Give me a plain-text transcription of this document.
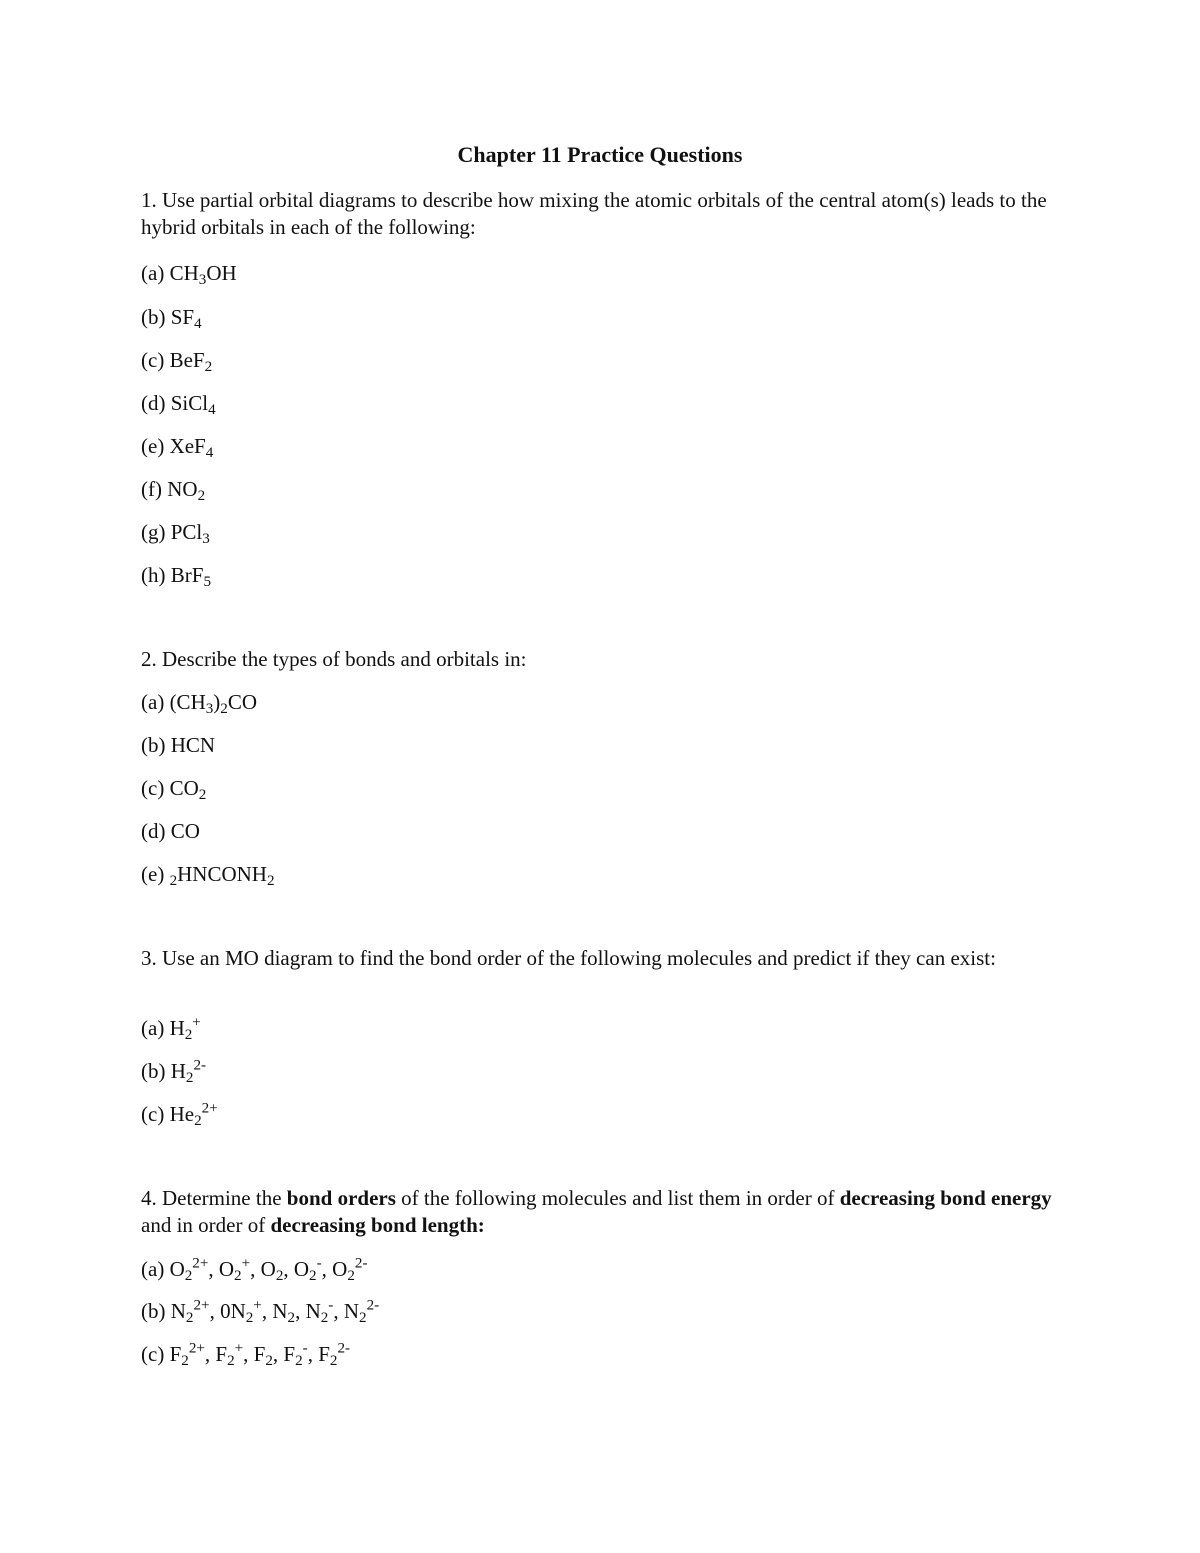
Chapter 11 Practice Questions

1. Use partial orbital diagrams to describe how mixing the atomic orbitals of the central atom(s) leads to the hybrid orbitals in each of the following:

(a) $CH_3OH$

(b) $SF_4$

(c) BeF$_2$

(d) SiCl$_4$

(e) XeF$_4$

(f) $NO_2$

(g) PCl$_3$

(h) BrF$_5$

2. Describe the types of bonds and orbitals in:

(a) $(CH_3)_2CO$

(b) HCN

(c) $CO_2$

(d) CO

(e) $_2HNCONH_2$

3. Use an MO diagram to find the bond order of the following molecules and predict if they can exist:

(a) $H_2^+$

(b) $H_2^{2-}$

(c) $He_2^{2+}$

4. Determine the bond orders of the following molecules and list them in order of decreasing bond energy and in order of decreasing bond length:

(a) $O_2^{2+}$, $O_2^+$, $O_2$, $O_2^-$, $O_2^{2-}$

(b) $N_2^{2+}$, $0N_2^+$, $N_2$, $N_2^-$, $N_2^{2-}$

(c) $F_2^{2+}$, $F_2^+$, $F_2$, $F_2^-$, $F_2^{2-}$
